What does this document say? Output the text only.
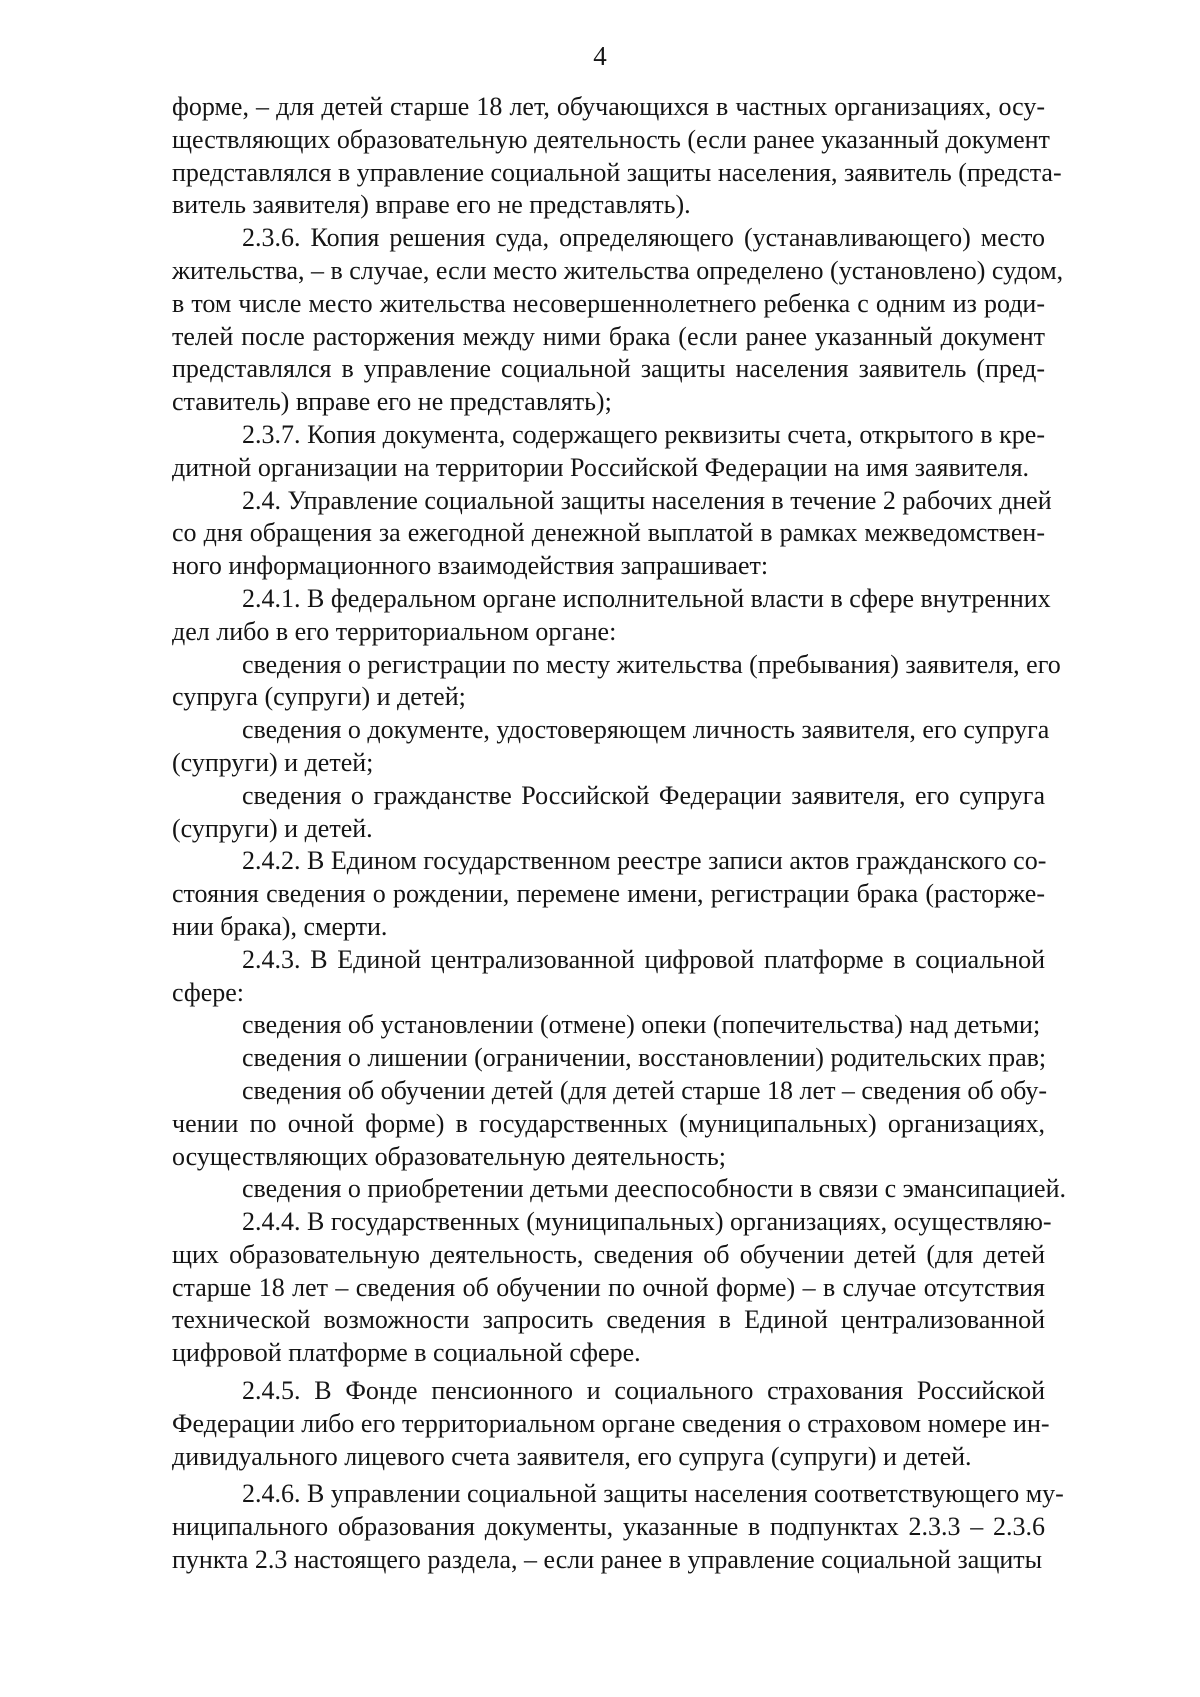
4
форме, – для детей старше 18 лет, обучающихся в частных организациях, осу-
ществляющих образовательную деятельность (если ранее указанный документ
представлялся в управление социальной защиты населения, заявитель (предста-
витель заявителя) вправе его не представлять).
2.3.6. Копия решения суда, определяющего (устанавливающего) место
жительства, – в случае, если место жительства определено (установлено) судом,
в том числе место жительства несовершеннолетнего ребенка с одним из роди-
телей после расторжения между ними брака (если ранее указанный документ
представлялся в управление социальной защиты населения заявитель (пред-
ставитель) вправе его не представлять);
2.3.7. Копия документа, содержащего реквизиты счета, открытого в кре-
дитной организации на территории Российской Федерации на имя заявителя.
2.4. Управление социальной защиты населения в течение 2 рабочих дней
со дня обращения за ежегодной денежной выплатой в рамках межведомствен-
ного информационного взаимодействия запрашивает:
2.4.1. В федеральном органе исполнительной власти в сфере внутренних
дел либо в его территориальном органе:
сведения о регистрации по месту жительства (пребывания) заявителя, его
супруга (супруги) и детей;
сведения о документе, удостоверяющем личность заявителя, его супруга
(супруги) и детей;
сведения о гражданстве Российской Федерации заявителя, его супруга
(супруги) и детей.
2.4.2. В Едином государственном реестре записи актов гражданского со-
стояния сведения о рождении, перемене имени, регистрации брака (расторже-
нии брака), смерти.
2.4.3. В Единой централизованной цифровой платформе в социальной
сфере:
сведения об установлении (отмене) опеки (попечительства) над детьми;
сведения о лишении (ограничении, восстановлении) родительских прав;
сведения об обучении детей (для детей старше 18 лет – сведения об обу-
чении по очной форме) в государственных (муниципальных) организациях,
осуществляющих образовательную деятельность;
сведения о приобретении детьми дееспособности в связи с эмансипацией.
2.4.4. В государственных (муниципальных) организациях, осуществляю-
щих образовательную деятельность, сведения об обучении детей (для детей
старше 18 лет – сведения об обучении по очной форме) – в случае отсутствия
технической возможности запросить сведения в Единой централизованной
цифровой платформе в социальной сфере.
2.4.5. В Фонде пенсионного и социального страхования Российской
Федерации либо его территориальном органе сведения о страховом номере ин-
дивидуального лицевого счета заявителя, его супруга (супруги) и детей.
2.4.6. В управлении социальной защиты населения соответствующего му-
ниципального образования документы, указанные в подпунктах 2.3.3 – 2.3.6
пункта 2.3 настоящего раздела, – если ранее в управление социальной защиты
